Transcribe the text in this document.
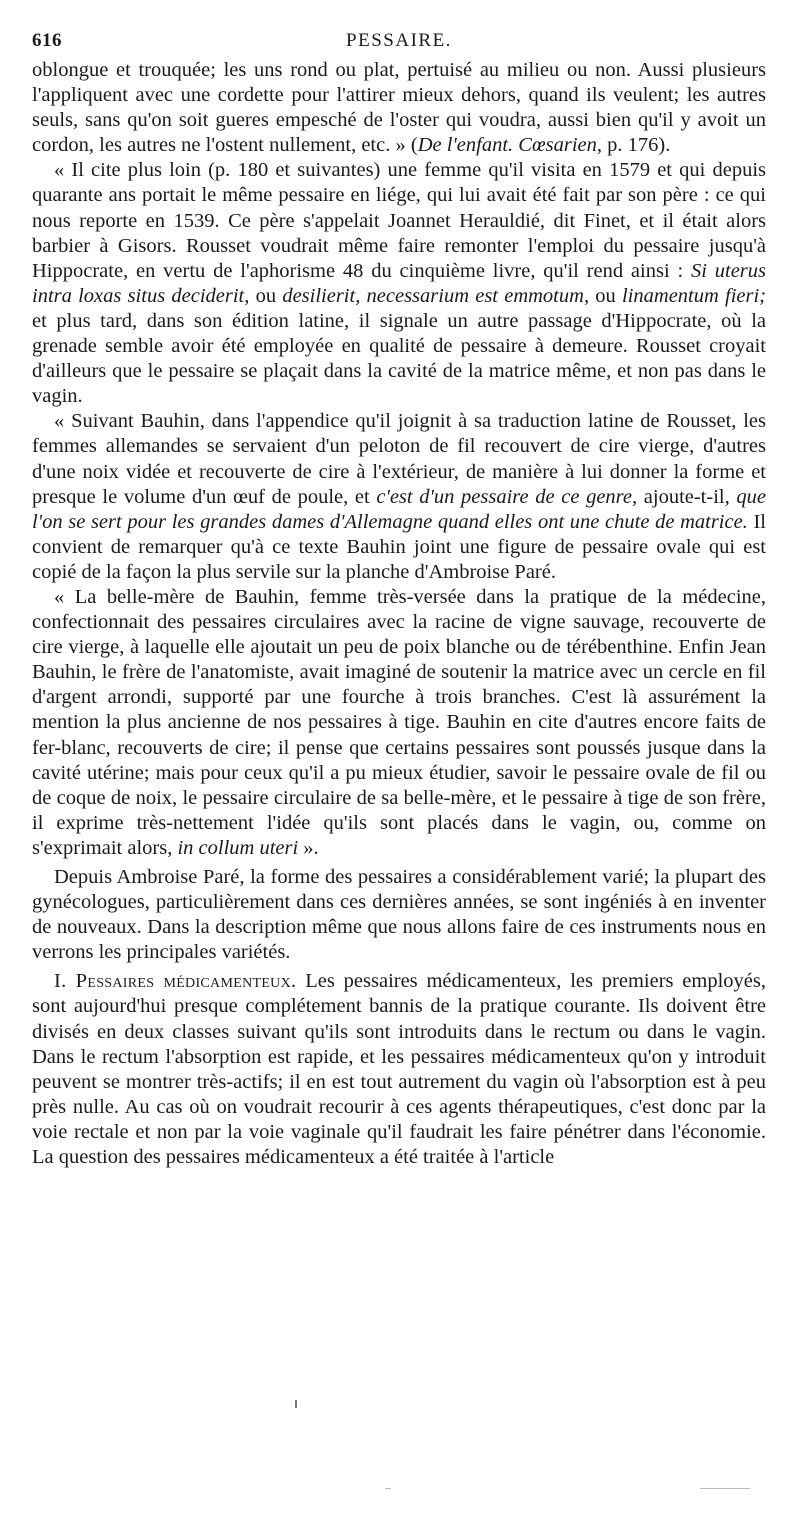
616	PESSAIRE.

oblongue et trouquée; les uns rond ou plat, pertuisé au milieu ou non. Aussi plusieurs l'appliquent avec une cordette pour l'attirer mieux dehors, quand ils veulent; les autres seuls, sans qu'on soit gueres empesché de l'oster qui voudra, aussi bien qu'il y avoit un cordon, les autres ne l'ostent nullement, etc. » (De l'enfant. Cœsarien, p. 176).

« Il cite plus loin (p. 180 et suivantes) une femme qu'il visita en 1579 et qui depuis quarante ans portait le même pessaire en liége, qui lui avait été fait par son père : ce qui nous reporte en 1539. Ce père s'appelait Joannet Herauldié, dit Finet, et il était alors barbier à Gisors. Rousset voudrait même faire remonter l'emploi du pessaire jusqu'à Hippocrate, en vertu de l'aphorisme 48 du cinquième livre, qu'il rend ainsi : Si uterus intra loxas situs deciderit, ou desilierit, necessarium est emmotum, ou linamentum fieri; et plus tard, dans son édition latine, il signale un autre passage d'Hippocrate, où la grenade semble avoir été employée en qualité de pessaire à demeure. Rousset croyait d'ailleurs que le pessaire se plaçait dans la cavité de la matrice même, et non pas dans le vagin.

« Suivant Bauhin, dans l'appendice qu'il joignit à sa traduction latine de Rousset, les femmes allemandes se servaient d'un peloton de fil recouvert de cire vierge, d'autres d'une noix vidée et recouverte de cire à l'extérieur, de manière à lui donner la forme et presque le volume d'un œuf de poule, et c'est d'un pessaire de ce genre, ajoute-t-il, que l'on se sert pour les grandes dames d'Allemagne quand elles ont une chute de matrice. Il convient de remarquer qu'à ce texte Bauhin joint une figure de pessaire ovale qui est copié de la façon la plus servile sur la planche d'Ambroise Paré.

« La belle-mère de Bauhin, femme très-versée dans la pratique de la médecine, confectionnait des pessaires circulaires avec la racine de vigne sauvage, recouverte de cire vierge, à laquelle elle ajoutait un peu de poix blanche ou de térébenthine. Enfin Jean Bauhin, le frère de l'anatomiste, avait imaginé de soutenir la matrice avec un cercle en fil d'argent arrondi, supporté par une fourche à trois branches. C'est là assurément la mention la plus ancienne de nos pessaires à tige. Bauhin en cite d'autres encore faits de fer-blanc, recouverts de cire; il pense que certains pessaires sont poussés jusque dans la cavité utérine; mais pour ceux qu'il a pu mieux étudier, savoir le pessaire ovale de fil ou de coque de noix, le pessaire circulaire de sa belle-mère, et le pessaire à tige de son frère, il exprime très-nettement l'idée qu'ils sont placés dans le vagin, ou, comme on s'exprimait alors, in collum uteri ».

Depuis Ambroise Paré, la forme des pessaires a considérablement varié; la plupart des gynécologues, particulièrement dans ces dernières années, se sont ingéniés à en inventer de nouveaux. Dans la description même que nous allons faire de ces instruments nous en verrons les principales variétés.

I. Pessaires médicamenteux. Les pessaires médicamenteux, les premiers employés, sont aujourd'hui presque complétement bannis de la pratique courante. Ils doivent être divisés en deux classes suivant qu'ils sont introduits dans le rectum ou dans le vagin. Dans le rectum l'absorption est rapide, et les pessaires médicamenteux qu'on y introduit peuvent se montrer très-actifs; il en est tout autrement du vagin où l'absorption est à peu près nulle. Au cas où on voudrait recourir à ces agents thérapeutiques, c'est donc par la voie rectale et non par la voie vaginale qu'il faudrait les faire pénétrer dans l'économie. La question des pessaires médicamenteux a été traitée à l'article
